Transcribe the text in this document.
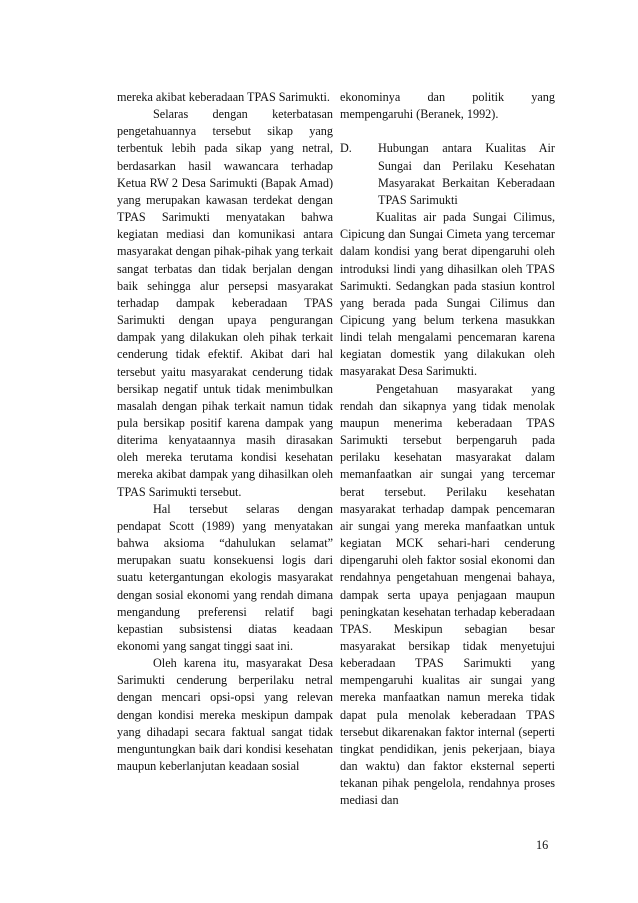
mereka akibat keberadaan TPAS Sarimukti.

Selaras dengan keterbatasan pengetahuannya tersebut sikap yang terbentuk lebih pada sikap yang netral, berdasarkan hasil wawancara terhadap Ketua RW 2 Desa Sarimukti (Bapak Amad) yang merupakan kawasan terdekat dengan TPAS Sarimukti menyatakan bahwa kegiatan mediasi dan komunikasi antara masyarakat dengan pihak-pihak yang terkait sangat terbatas dan tidak berjalan dengan baik sehingga alur persepsi masyarakat terhadap dampak keberadaan TPAS Sarimukti dengan upaya pengurangan dampak yang dilakukan oleh pihak terkait cenderung tidak efektif. Akibat dari hal tersebut yaitu masyarakat cenderung tidak bersikap negatif untuk tidak menimbulkan masalah dengan pihak terkait namun tidak pula bersikap positif karena dampak yang diterima kenyataannya masih dirasakan oleh mereka terutama kondisi kesehatan mereka akibat dampak yang dihasilkan oleh TPAS Sarimukti tersebut.

Hal tersebut selaras dengan pendapat Scott (1989) yang menyatakan bahwa aksioma “dahulukan selamat” merupakan suatu konsekuensi logis dari suatu ketergantungan ekologis masyarakat dengan sosial ekonomi yang rendah dimana mengandung preferensi relatif bagi kepastian subsistensi diatas keadaan ekonomi yang sangat tinggi saat ini.

Oleh karena itu, masyarakat Desa Sarimukti cenderung berperilaku netral dengan mencari opsi-opsi yang relevan dengan kondisi mereka meskipun dampak yang dihadapi secara faktual sangat tidak menguntungkan baik dari kondisi kesehatan maupun keberlanjutan keadaan sosial

ekonominya dan politik yang mempengaruhi (Beranek, 1992).

D.	Hubungan antara Kualitas Air Sungai dan Perilaku Kesehatan Masyarakat Berkaitan Keberadaan TPAS Sarimukti

Kualitas air pada Sungai Cilimus, Cipicung dan Sungai Cimeta yang tercemar dalam kondisi yang berat dipengaruhi oleh introduksi lindi yang dihasilkan oleh TPAS Sarimukti. Sedangkan pada stasiun kontrol yang berada pada Sungai Cilimus dan Cipicung yang belum terkena masukkan lindi telah mengalami pencemaran karena kegiatan domestik yang dilakukan oleh masyarakat Desa Sarimukti.

Pengetahuan masyarakat yang rendah dan sikapnya yang tidak menolak maupun menerima keberadaan TPAS Sarimukti tersebut berpengaruh pada perilaku kesehatan masyarakat dalam memanfaatkan air sungai yang tercemar berat tersebut. Perilaku kesehatan masyarakat terhadap dampak pencemaran air sungai yang mereka manfaatkan untuk kegiatan MCK sehari-hari cenderung dipengaruhi oleh faktor sosial ekonomi dan rendahnya pengetahuan mengenai bahaya, dampak serta upaya penjagaan maupun peningkatan kesehatan terhadap keberadaan TPAS. Meskipun sebagian besar masyarakat bersikap tidak menyetujui keberadaan TPAS Sarimukti yang mempengaruhi kualitas air sungai yang mereka manfaatkan namun mereka tidak dapat pula menolak keberadaan TPAS tersebut dikarenakan faktor internal (seperti tingkat pendidikan, jenis pekerjaan, biaya dan waktu) dan faktor eksternal seperti tekanan pihak pengelola, rendahnya proses mediasi dan

16
